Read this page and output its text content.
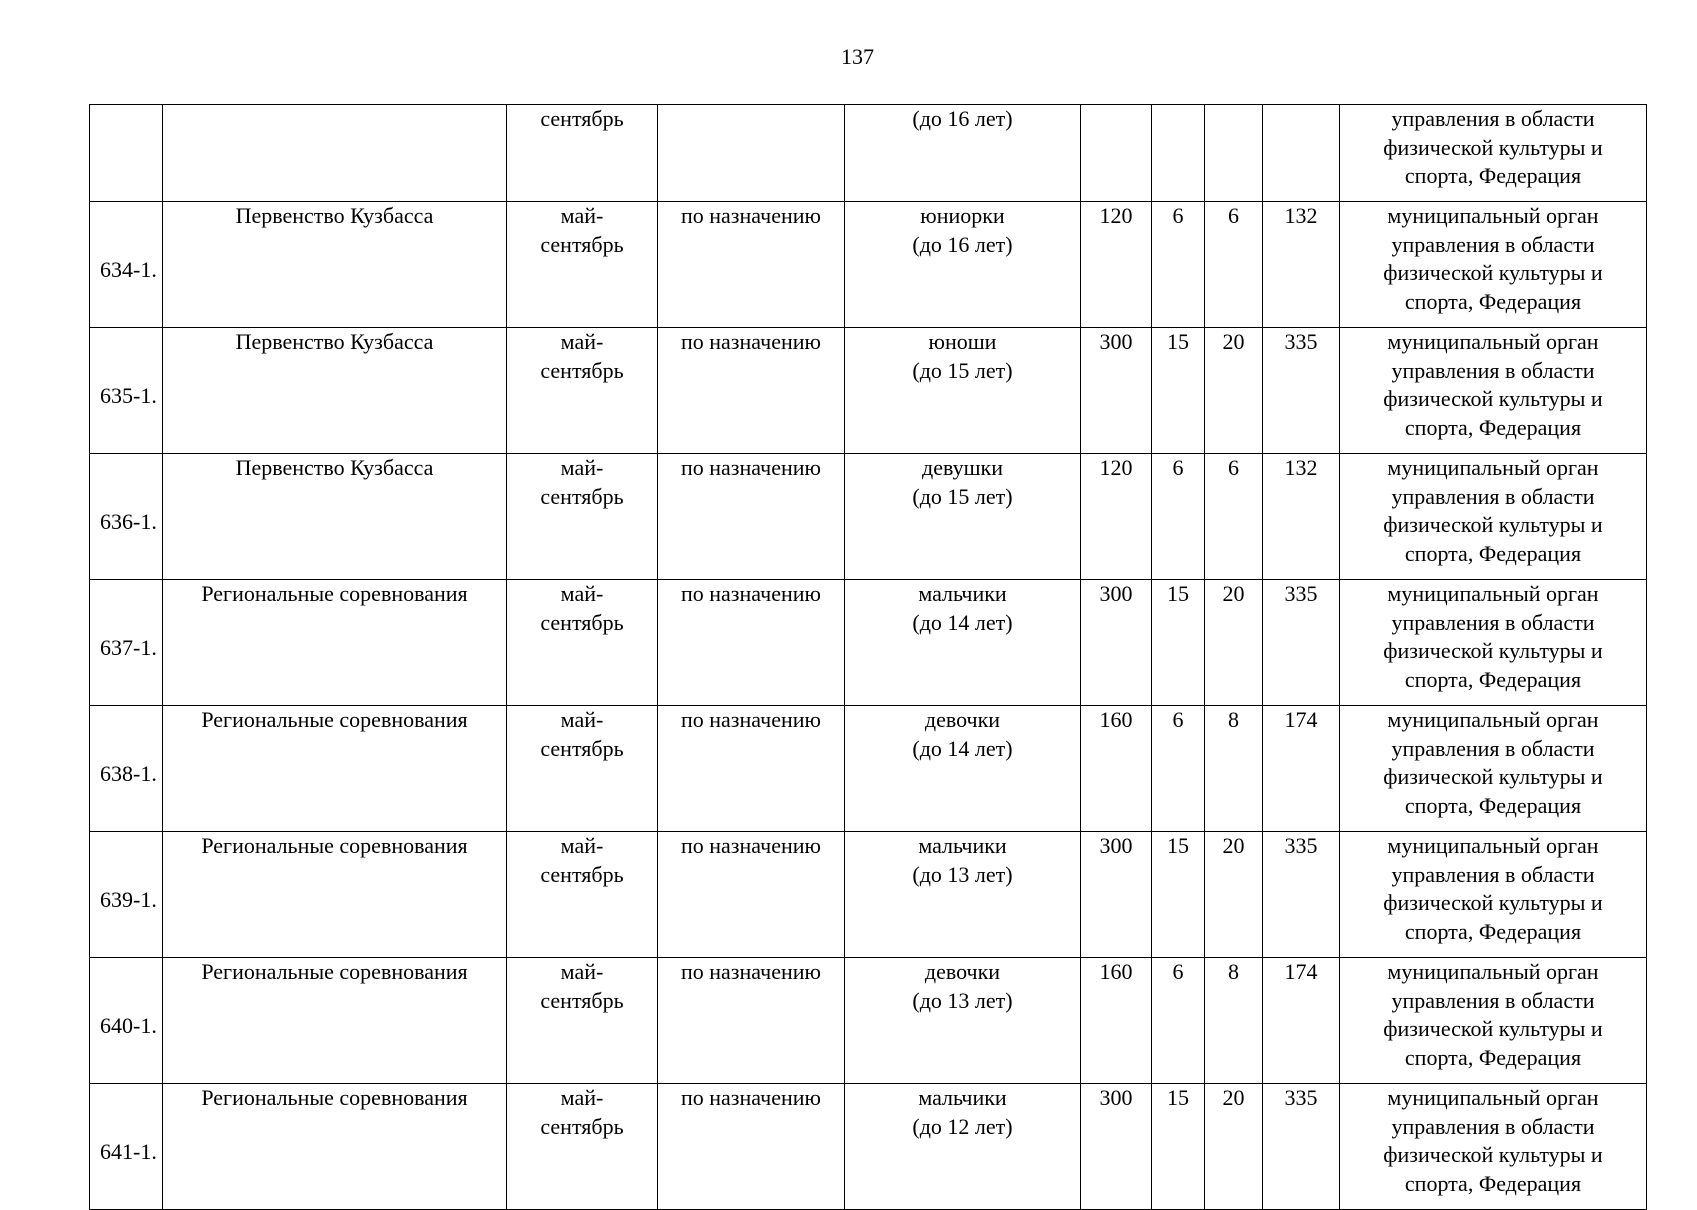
137

		сентябрь		(до 16 лет)					управления в области
физической культуры и
спорта, Федерация

634-1.	Первенство Кузбасса	май-
сентябрь	по назначению	юниорки
(до 16 лет)	120	6	6	132	муниципальный орган
управления в области
физической культуры и
спорта, Федерация

635-1.	Первенство Кузбасса	май-
сентябрь	по назначению	юноши
(до 15 лет)	300	15	20	335	муниципальный орган
управления в области
физической культуры и
спорта, Федерация

636-1.	Первенство Кузбасса	май-
сентябрь	по назначению	девушки
(до 15 лет)	120	6	6	132	муниципальный орган
управления в области
физической культуры и
спорта, Федерация

637-1.	Региональные соревнования	май-
сентябрь	по назначению	мальчики
(до 14 лет)	300	15	20	335	муниципальный орган
управления в области
физической культуры и
спорта, Федерация

638-1.	Региональные соревнования	май-
сентябрь	по назначению	девочки
(до 14 лет)	160	6	8	174	муниципальный орган
управления в области
физической культуры и
спорта, Федерация

639-1.	Региональные соревнования	май-
сентябрь	по назначению	мальчики
(до 13 лет)	300	15	20	335	муниципальный орган
управления в области
физической культуры и
спорта, Федерация

640-1.	Региональные соревнования	май-
сентябрь	по назначению	девочки
(до 13 лет)	160	6	8	174	муниципальный орган
управления в области
физической культуры и
спорта, Федерация

641-1.	Региональные соревнования	май-
сентябрь	по назначению	мальчики
(до 12 лет)	300	15	20	335	муниципальный орган
управления в области
физической культуры и
спорта, Федерация
